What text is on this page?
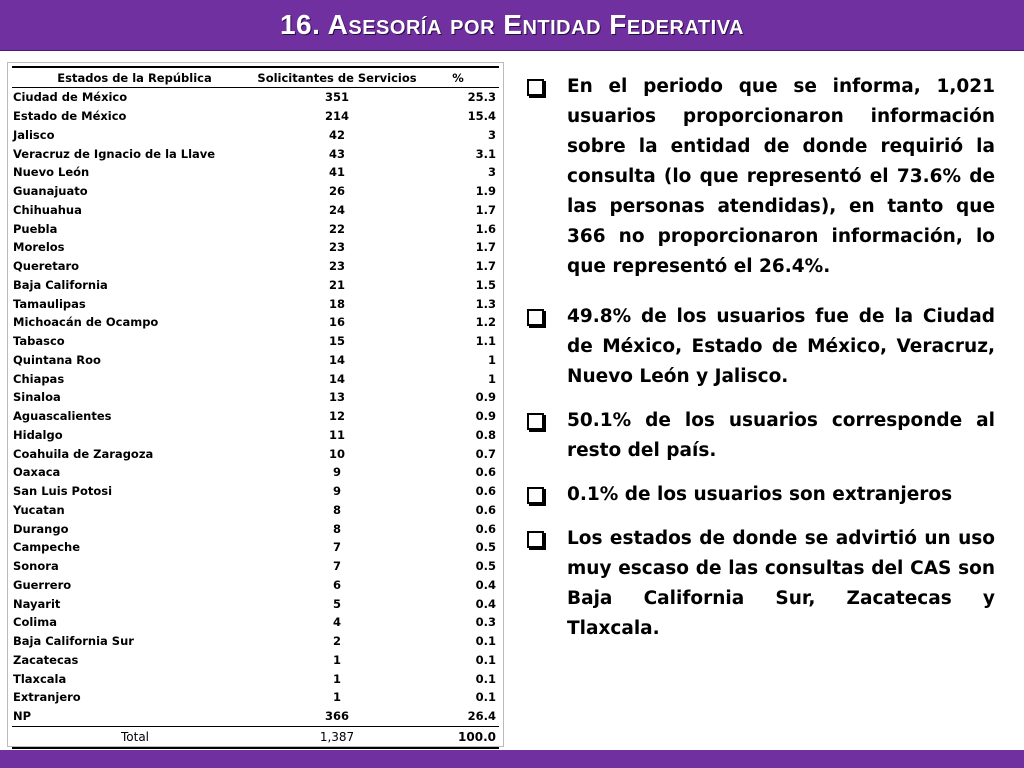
16. Asesoría por Entidad Federativa
Estados de la República	Solicitantes de Servicios	%
Ciudad de México	351	25.3
Estado de México	214	15.4
Jalisco	42	3
Veracruz de Ignacio de la Llave	43	3.1
Nuevo León	41	3
Guanajuato	26	1.9
Chihuahua	24	1.7
Puebla	22	1.6
Morelos	23	1.7
Queretaro	23	1.7
Baja California	21	1.5
Tamaulipas	18	1.3
Michoacán de Ocampo	16	1.2
Tabasco	15	1.1
Quintana Roo	14	1
Chiapas	14	1
Sinaloa	13	0.9
Aguascalientes	12	0.9
Hidalgo	11	0.8
Coahuila de Zaragoza	10	0.7
Oaxaca	9	0.6
San Luis Potosi	9	0.6
Yucatan	8	0.6
Durango	8	0.6
Campeche	7	0.5
Sonora	7	0.5
Guerrero	6	0.4
Nayarit	5	0.4
Colima	4	0.3
Baja California Sur	2	0.1
Zacatecas	1	0.1
Tlaxcala	1	0.1
Extranjero	1	0.1
NP	366	26.4
Total	1,387	100.0
En el periodo que se informa, 1,021 usuarios proporcionaron información sobre la entidad de donde requirió la consulta (lo que representó el 73.6% de las personas atendidas), en tanto que 366 no proporcionaron información, lo que representó el 26.4%.
49.8% de los usuarios fue de la Ciudad de México, Estado de México, Veracruz, Nuevo León y Jalisco.
50.1% de los usuarios corresponde al resto del país.
0.1% de los usuarios son extranjeros
Los estados de donde se advirtió un uso muy escaso de las consultas del CAS son Baja California Sur, Zacatecas y Tlaxcala.
